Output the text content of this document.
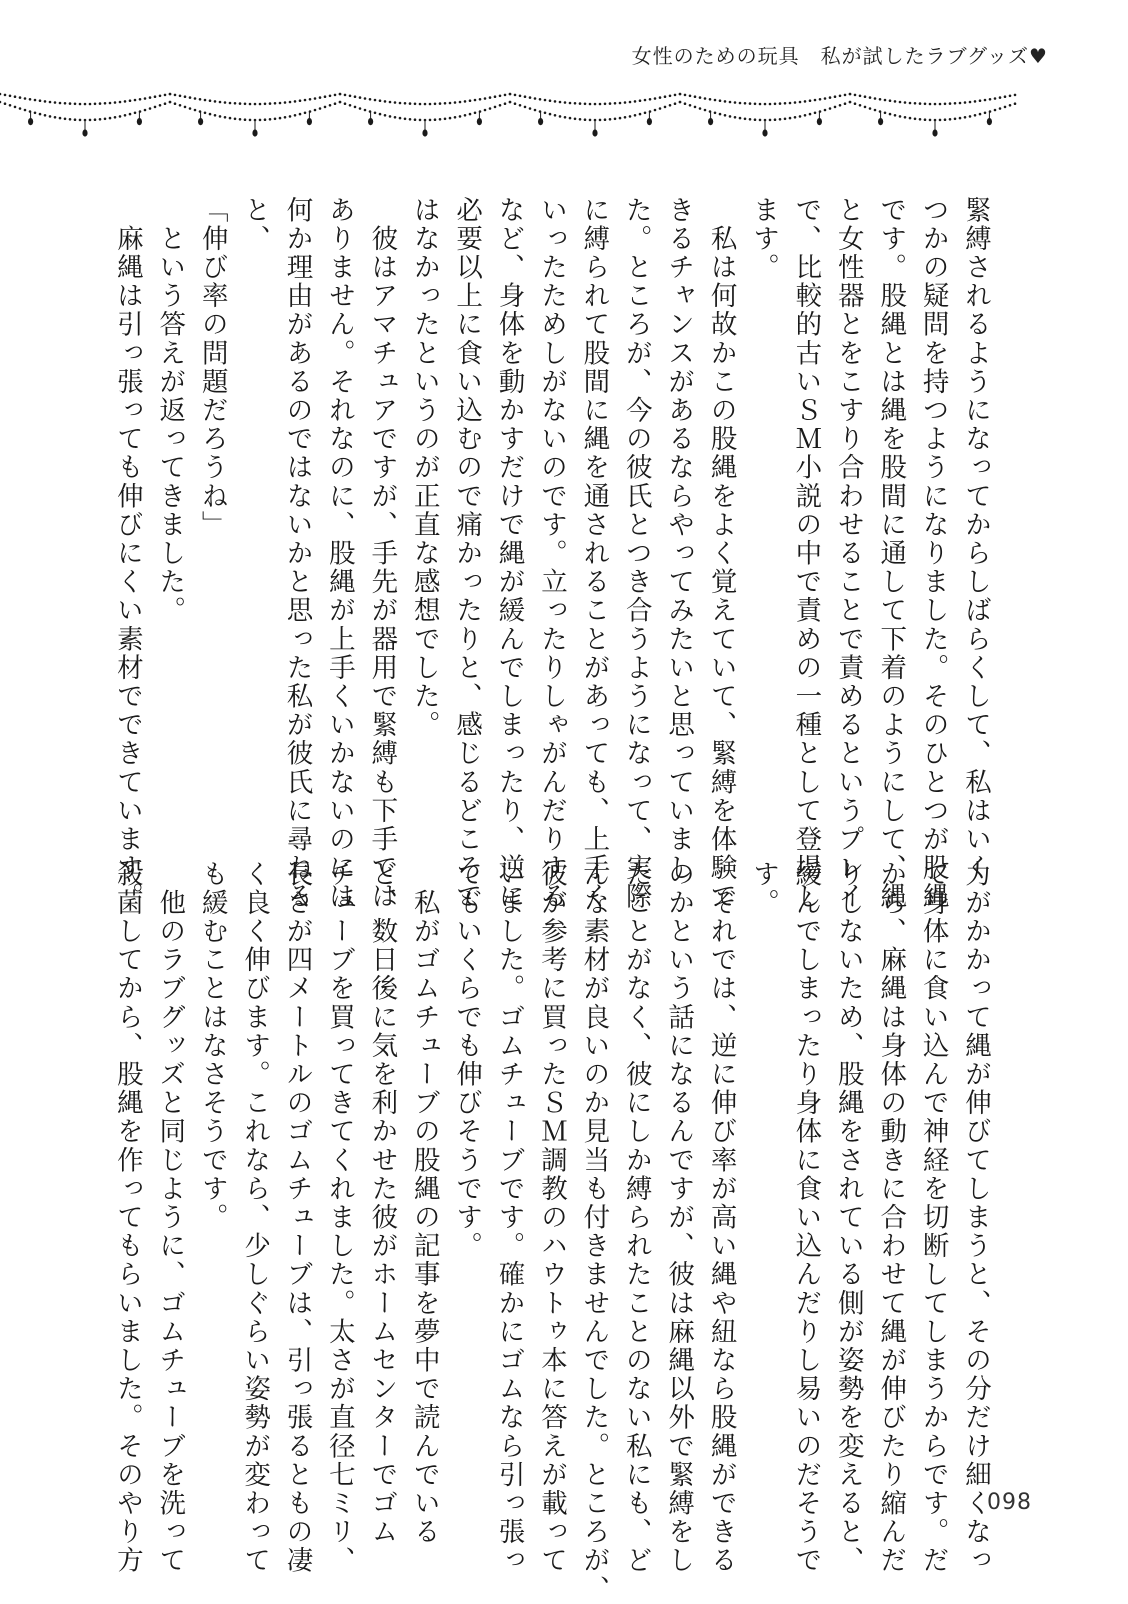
女性のための玩具　私が試したラブグッズ♥
緊縛されるようになってからしばらくして、私はいく
つかの疑問を持つようになりました。そのひとつが股縄
です。股縄とは縄を股間に通して下着のようにして、縄
と女性器とをこすり合わせることで責めるというプレイ
で、比較的古いＳＭ小説の中で責めの一種として登場し
ます。
　私は何故かこの股縄をよく覚えていて、緊縛を体験で
きるチャンスがあるならやってみたいと思っていまし
た。ところが、今の彼氏とつき合うようになって、実際
に縛られて股間に縄を通されることがあっても、上手く
いったためしがないのです。立ったりしゃがんだりする
など、身体を動かすだけで縄が緩んでしまったり、逆に
必要以上に食い込むので痛かったりと、感じるどころで
はなかったというのが正直な感想でした。
　彼はアマチュアですが、手先が器用で緊縛も下手では
ありません。それなのに、股縄が上手くいかないのには
何か理由があるのではないかと思った私が彼氏に尋ねる
と、
「伸び率の問題だろうね」
　という答えが返ってきました。
　麻縄は引っ張っても伸びにくい素材でできています。
力がかかって縄が伸びてしまうと、その分だけ細くなっ
て身体に食い込んで神経を切断してしまうからです。だ
から、麻縄は身体の動きに合わせて縄が伸びたり縮んだ
りしないため、股縄をされている側が姿勢を変えると、
緩んでしまったり身体に食い込んだりし易いのだそうで
す。
　それでは、逆に伸び率が高い縄や紐なら股縄ができる
のかという話になるんですが、彼は麻縄以外で緊縛をし
たことがなく、彼にしか縛られたことのない私にも、ど
んな素材が良いのか見当も付きませんでした。ところが、
彼が参考に買ったＳＭ調教のハウトゥ本に答えが載って
いました。ゴムチューブです。確かにゴムなら引っ張っ
てもいくらでも伸びそうです。
　私がゴムチューブの股縄の記事を夢中で読んでいる
と、数日後に気を利かせた彼がホームセンターでゴム
チューブを買ってきてくれました。太さが直径七ミリ、
長さが四メートルのゴムチューブは、引っ張るともの凄
く良く伸びます。これなら、少しぐらい姿勢が変わって
も緩むことはなさそうです。
　他のラブグッズと同じように、ゴムチューブを洗って
殺菌してから、股縄を作ってもらいました。そのやり方	098
